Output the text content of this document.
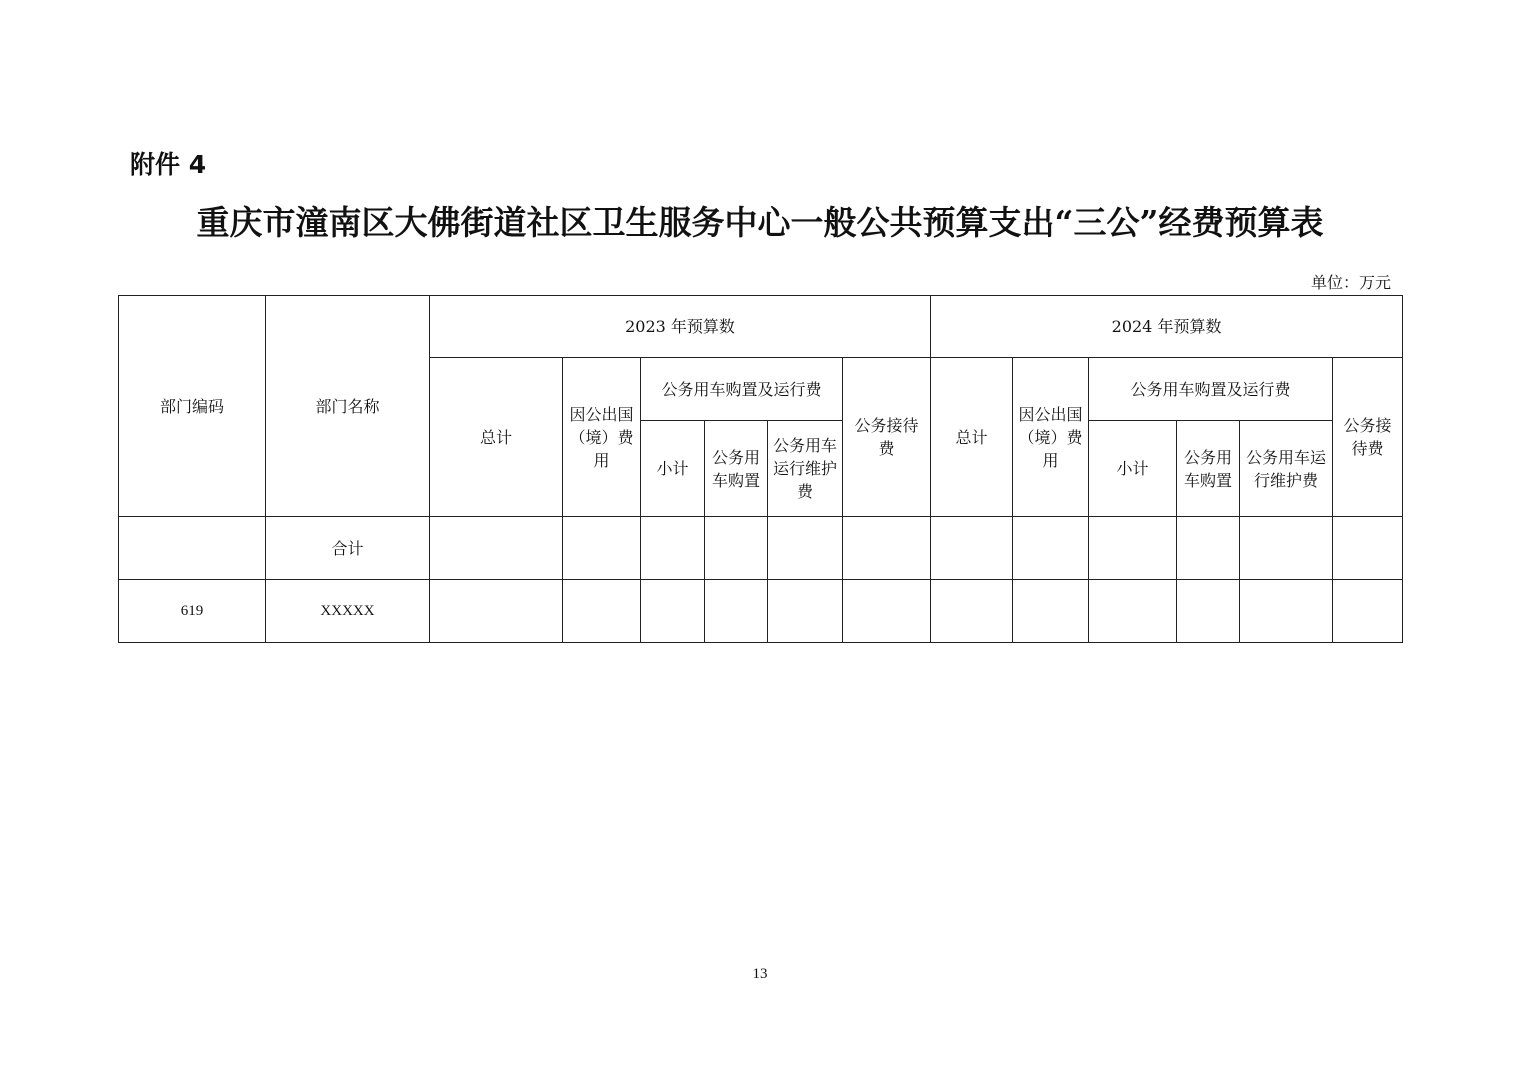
附件 4
重庆市潼南区大佛街道社区卫生服务中心一般公共预算支出“三公”经费预算表
单位：万元
部门编码	部门名称	2023 年预算数						2024 年预算数					
		总计	因公出国（境）费用	公务用车购置及运行费			公务接待费	总计	因公出国（境）费用	公务用车购置及运行费			公务接待费
				小计	公务用车购置	公务用车运行维护费				小计	公务用车购置	公务用车运行维护费	
	合计												
619	XXXXX												
13
